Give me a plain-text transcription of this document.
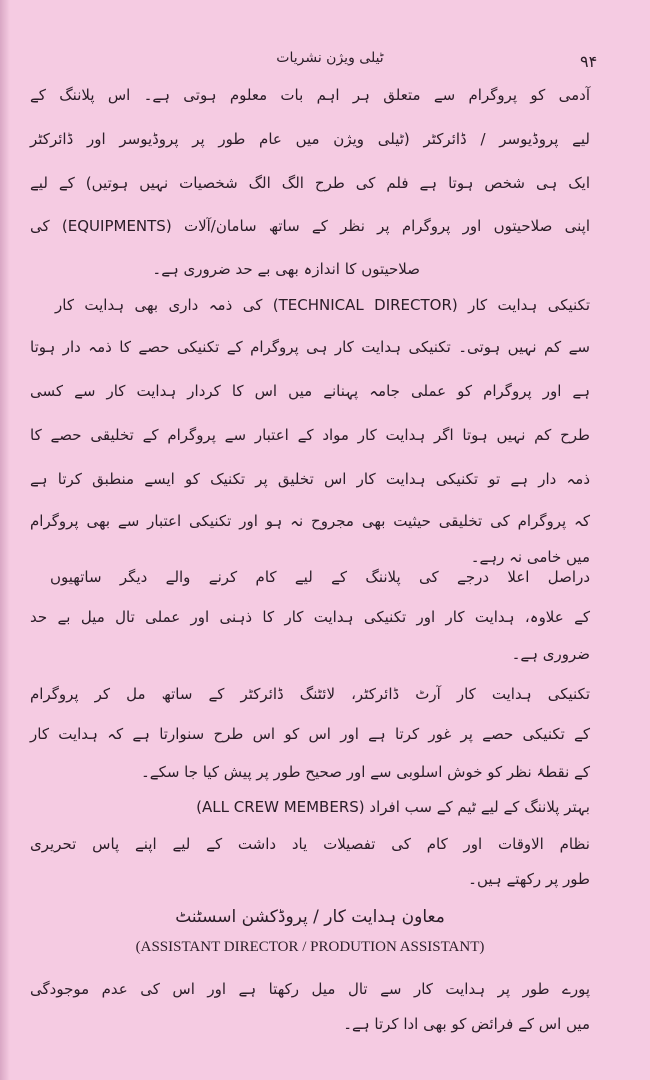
ٹیلی ویژن نشریات	۹۴
آدمی کو پروگرام سے متعلق ہر اہم بات معلوم ہوتی ہے۔ اس پلاننگ کے
لیے پروڈیوسر / ڈائرکٹر (ٹیلی ویژن میں عام طور پر پروڈیوسر اور ڈائرکٹر
ایک ہی شخص ہوتا ہے فلم کی طرح الگ الگ شخصیات نہیں ہوتیں) کے لیے
اپنی صلاحیتوں اور پروگرام پر نظر کے ساتھ سامان/آلات (EQUIPMENTS) کی
صلاحیتوں کا اندازہ بھی بے حد ضروری ہے۔
تکنیکی ہدایت کار (TECHNICAL DIRECTOR) کی ذمہ داری بھی ہدایت کار
سے کم نہیں ہوتی۔ تکنیکی ہدایت کار ہی پروگرام کے تکنیکی حصے کا ذمہ دار ہوتا
ہے اور پروگرام کو عملی جامہ پہنانے میں اس کا کردار ہدایت کار سے کسی
طرح کم نہیں ہوتا اگر ہدایت کار مواد کے اعتبار سے پروگرام کے تخلیقی حصے کا
ذمہ دار ہے تو تکنیکی ہدایت کار اس تخلیق پر تکنیک کو ایسے منطبق کرتا ہے
کہ پروگرام کی تخلیقی حیثیت بھی مجروح نہ ہو اور تکنیکی اعتبار سے بھی پروگرام
میں خامی نہ رہے۔
دراصل اعلا درجے کی پلاننگ کے لیے کام کرنے والے دیگر ساتھیوں
کے علاوہ، ہدایت کار اور تکنیکی ہدایت کار کا ذہنی اور عملی تال میل بے حد
ضروری ہے۔
تکنیکی ہدایت کار آرٹ ڈائرکٹر، لائٹنگ ڈائرکٹر کے ساتھ مل کر پروگرام
کے تکنیکی حصے پر غور کرتا ہے اور اس کو اس طرح سنوارتا ہے کہ ہدایت کار
کے نقطۂ نظر کو خوش اسلوبی سے اور صحیح طور پر پیش کیا جا سکے۔
بہتر پلاننگ کے لیے ٹیم کے سب افراد (ALL CREW MEMBERS)
نظام الاوقات اور کام کی تفصیلات یاد داشت کے لیے اپنے پاس تحریری
طور پر رکھتے ہیں۔
معاون ہدایت کار / پروڈکشن اسسٹنٹ
(ASSISTANT DIRECTOR / PRODUTION ASSISTANT)
پورے طور پر ہدایت کار سے تال میل رکھتا ہے اور اس کی عدم موجودگی
میں اس کے فرائض کو بھی ادا کرتا ہے۔
